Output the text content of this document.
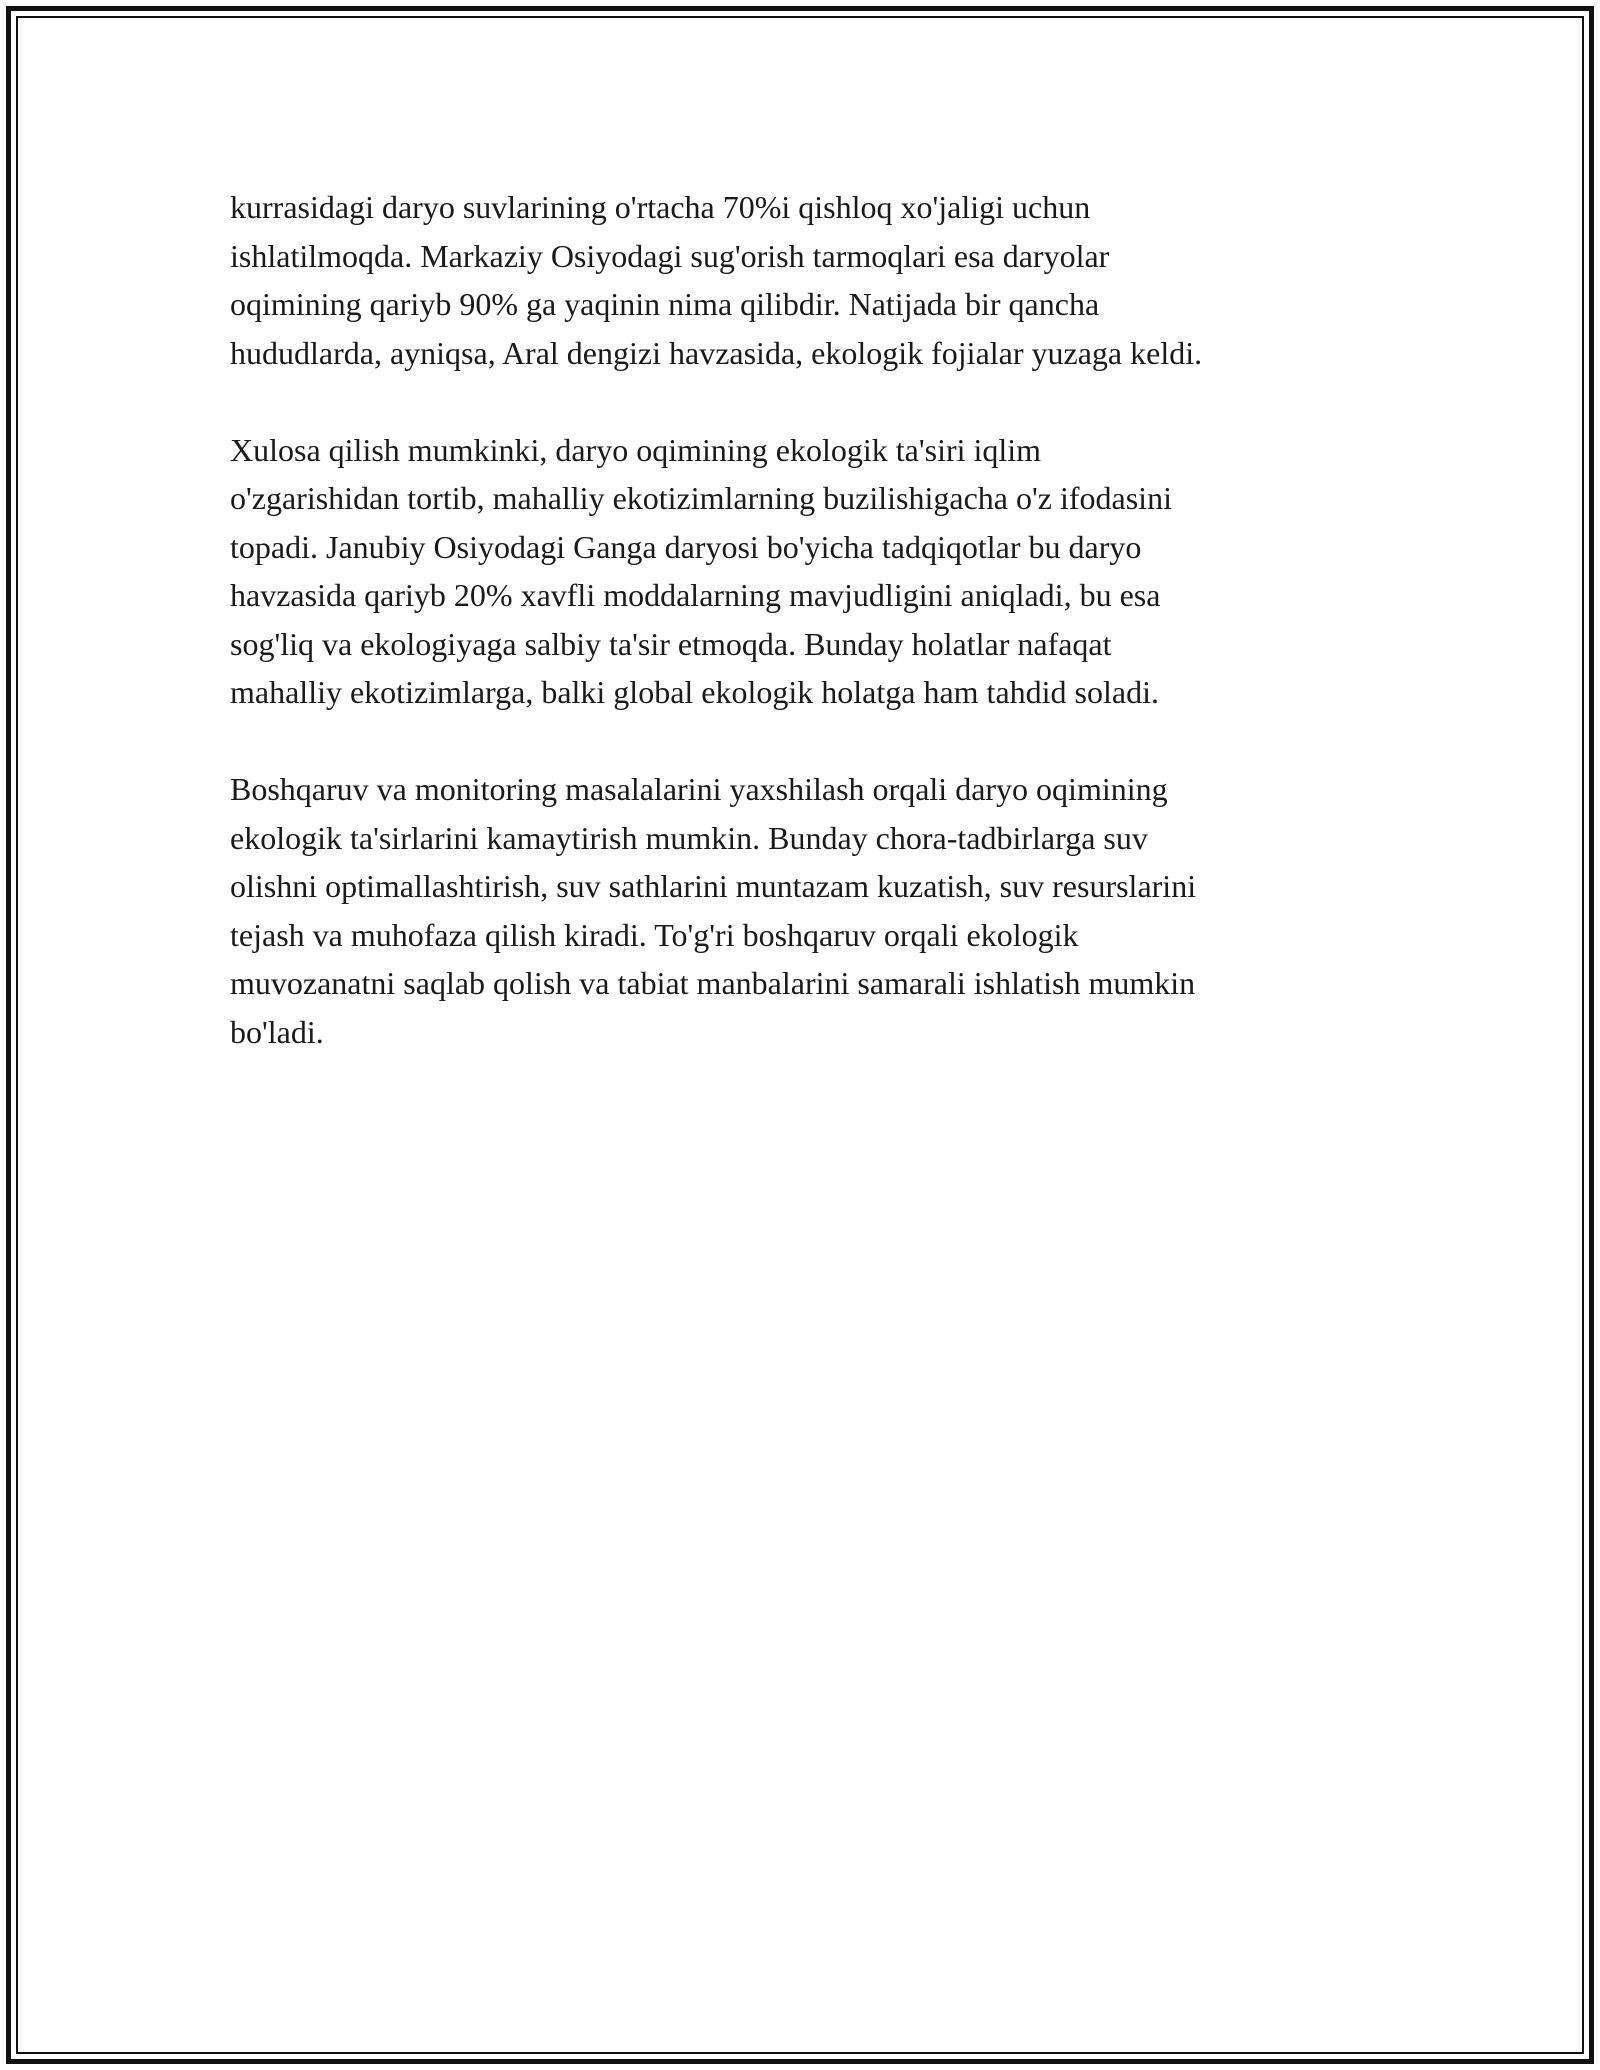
kurrasidagi daryo suvlarining o'rtacha 70%i qishloq xo'jaligi uchun
ishlatilmoqda. Markaziy Osiyodagi sug'orish tarmoqlari esa daryolar
oqimining qariyb 90% ga yaqinin nima qilibdir. Natijada bir qancha
hududlarda, ayniqsa, Aral dengizi havzasida, ekologik fojialar yuzaga keldi.

Xulosa qilish mumkinki, daryo oqimining ekologik ta'siri iqlim
o'zgarishidan tortib, mahalliy ekotizimlarning buzilishigacha o'z ifodasini
topadi. Janubiy Osiyodagi Ganga daryosi bo'yicha tadqiqotlar bu daryo
havzasida qariyb 20% xavfli moddalarning mavjudligini aniqladi, bu esa
sog'liq va ekologiyaga salbiy ta'sir etmoqda. Bunday holatlar nafaqat
mahalliy ekotizimlarga, balki global ekologik holatga ham tahdid soladi.

Boshqaruv va monitoring masalalarini yaxshilash orqali daryo oqimining
ekologik ta'sirlarini kamaytirish mumkin. Bunday chora-tadbirlarga suv
olishni optimallashtirish, suv sathlarini muntazam kuzatish, suv resurslarini
tejash va muhofaza qilish kiradi. To'g'ri boshqaruv orqali ekologik
muvozanatni saqlab qolish va tabiat manbalarini samarali ishlatish mumkin
bo'ladi.
